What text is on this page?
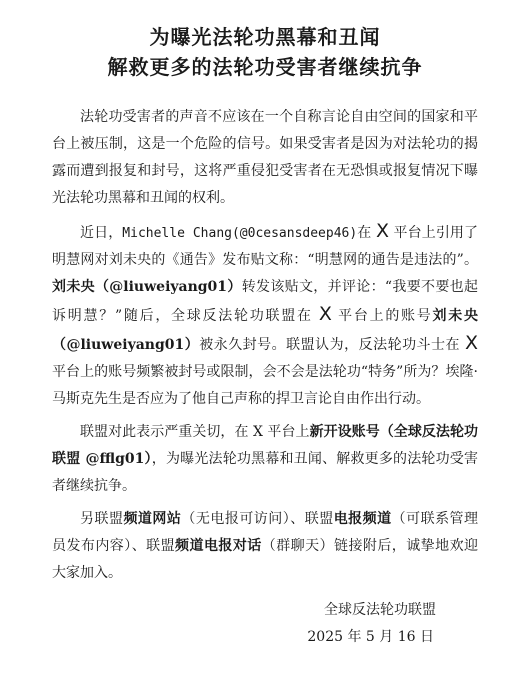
为曝光法轮功黑幕和丑闻
解救更多的法轮功受害者继续抗争

法轮功受害者的声音不应该在一个自称言论自由空间的国家和平台上被压制，这是一个危险的信号。如果受害者是因为对法轮功的揭露而遭到报复和封号，这将严重侵犯受害者在无恐惧或报复情况下曝光法轮功黑幕和丑闻的权利。

近日，Michelle Chang(@0cesansdeep46)在 X 平台上引用了明慧网对刘未央的《通告》发布贴文称：“明慧网的通告是违法的”。刘未央（@liuweiyang01）转发该贴文，并评论：“我要不要也起诉明慧？”随后，全球反法轮功联盟在 X 平台上的账号刘未央（@liuweiyang01）被永久封号。联盟认为，反法轮功斗士在 X 平台上的账号频繁被封号或限制，会不会是法轮功“特务”所为？埃隆·马斯克先生是否应为了他自己声称的捍卫言论自由作出行动。

联盟对此表示严重关切，在 X 平台上新开设账号（全球反法轮功联盟 @fflg01），为曝光法轮功黑幕和丑闻、解救更多的法轮功受害者继续抗争。

另联盟频道网站（无电报可访问）、联盟电报频道（可联系管理员发布内容）、联盟频道电报对话（群聊天）链接附后，诚挚地欢迎大家加入。

全球反法轮功联盟
2025 年 5 月 16 日
